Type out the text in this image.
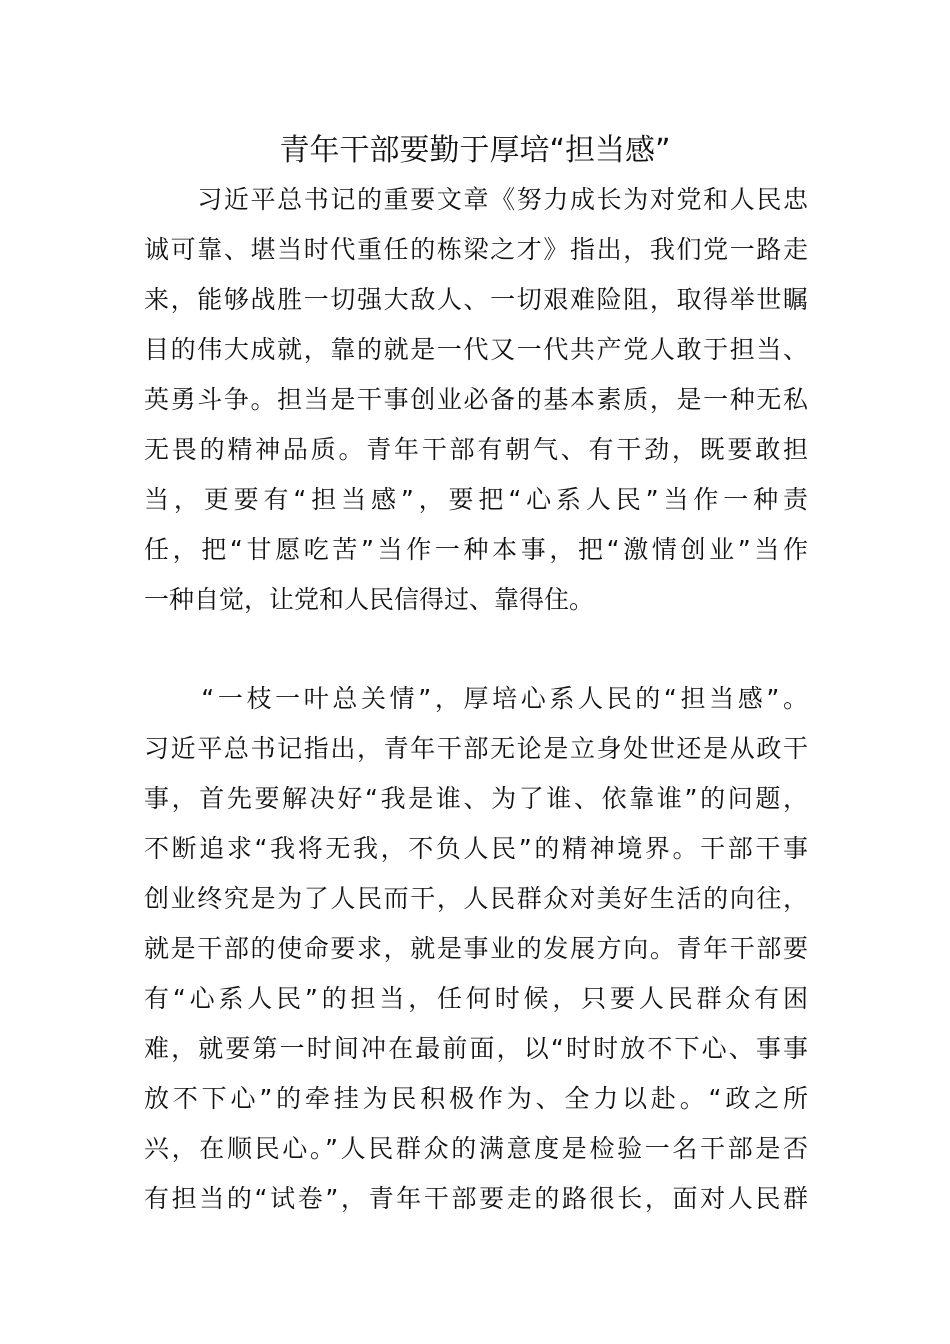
青年干部要勤于厚培“担当感”
　　习近平总书记的重要文章《努力成长为对党和人民忠
诚可靠、堪当时代重任的栋梁之才》指出，我们党一路走
来，能够战胜一切强大敌人、一切艰难险阻，取得举世瞩
目的伟大成就，靠的就是一代又一代共产党人敢于担当、
英勇斗争。担当是干事创业必备的基本素质，是一种无私
无畏的精神品质。青年干部有朝气、有干劲，既要敢担
当，更要有“担当感”，要把“心系人民”当作一种责
任，把“甘愿吃苦”当作一种本事，把“激情创业”当作
一种自觉，让党和人民信得过、靠得住。
　　“一枝一叶总关情”，厚培心系人民的“担当感”。
习近平总书记指出，青年干部无论是立身处世还是从政干
事，首先要解决好“我是谁、为了谁、依靠谁”的问题，
不断追求“我将无我，不负人民”的精神境界。干部干事
创业终究是为了人民而干，人民群众对美好生活的向往，
就是干部的使命要求，就是事业的发展方向。青年干部要
有“心系人民”的担当，任何时候，只要人民群众有困
难，就要第一时间冲在最前面，以“时时放不下心、事事
放不下心”的牵挂为民积极作为、全力以赴。“政之所
兴，在顺民心。”人民群众的满意度是检验一名干部是否
有担当的“试卷”，青年干部要走的路很长，面对人民群
